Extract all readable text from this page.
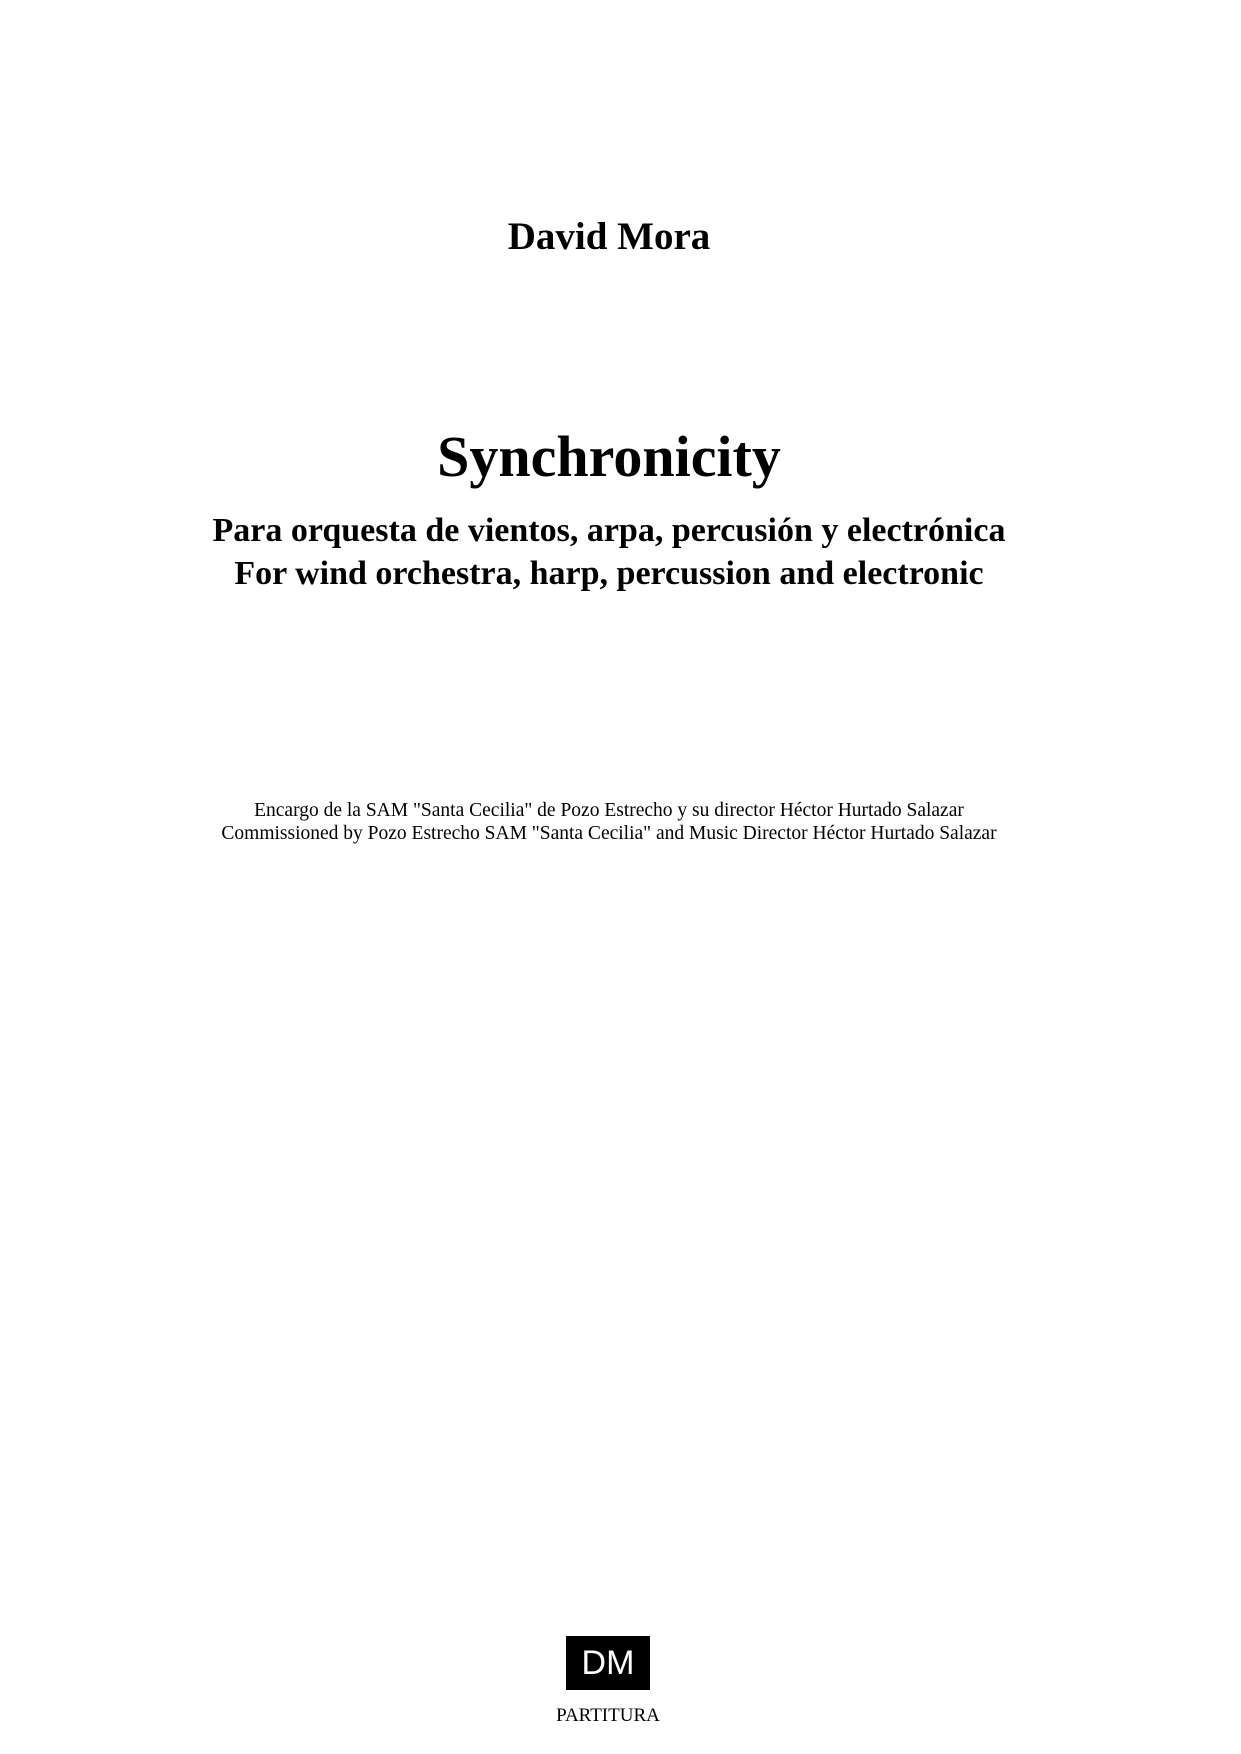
David Mora
Synchronicity
Para orquesta de vientos, arpa, percusión y electrónica
For wind orchestra, harp, percussion and electronic
Encargo de la SAM "Santa Cecilia" de Pozo Estrecho y su director Héctor Hurtado Salazar
Commissioned by Pozo Estrecho SAM "Santa Cecilia" and Music Director Héctor Hurtado Salazar
DM
PARTITURA
